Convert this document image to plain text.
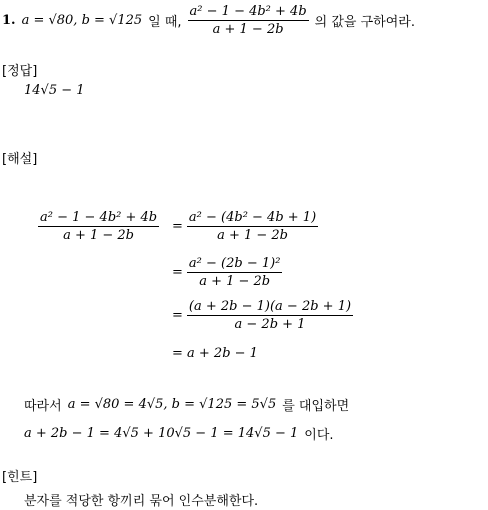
1. a = √80, b = √125 일 때, $\frac{\text{a² − 1 − 4b² + 4b}}{a + 1 - 2b}$ 의 값을 구하여라.
[정답]
14√5 − 1
[해설]
$\frac{\text{a² − 1 − 4b² + 4b}}{a + 1 - 2b} = \frac{\text{a² − (4b² − 4b + 1)}}{a + 1 - 2b}$
= $\frac{\text{a² − (2b − 1)²}}{a + 1 - 2b}$
= $\frac{(a + 2b - 1)(a - 2b + 1)}{a - 2b + 1}$
= a + 2b − 1
따라서 a = √80 = 4√5, b = √125 = 5√5 를 대입하면
a + 2b − 1 = 4√5 + 10√5 − 1 = 14√5 − 1 이다.
[힌트]
분자를 적당한 항끼리 묶어 인수분해한다.
